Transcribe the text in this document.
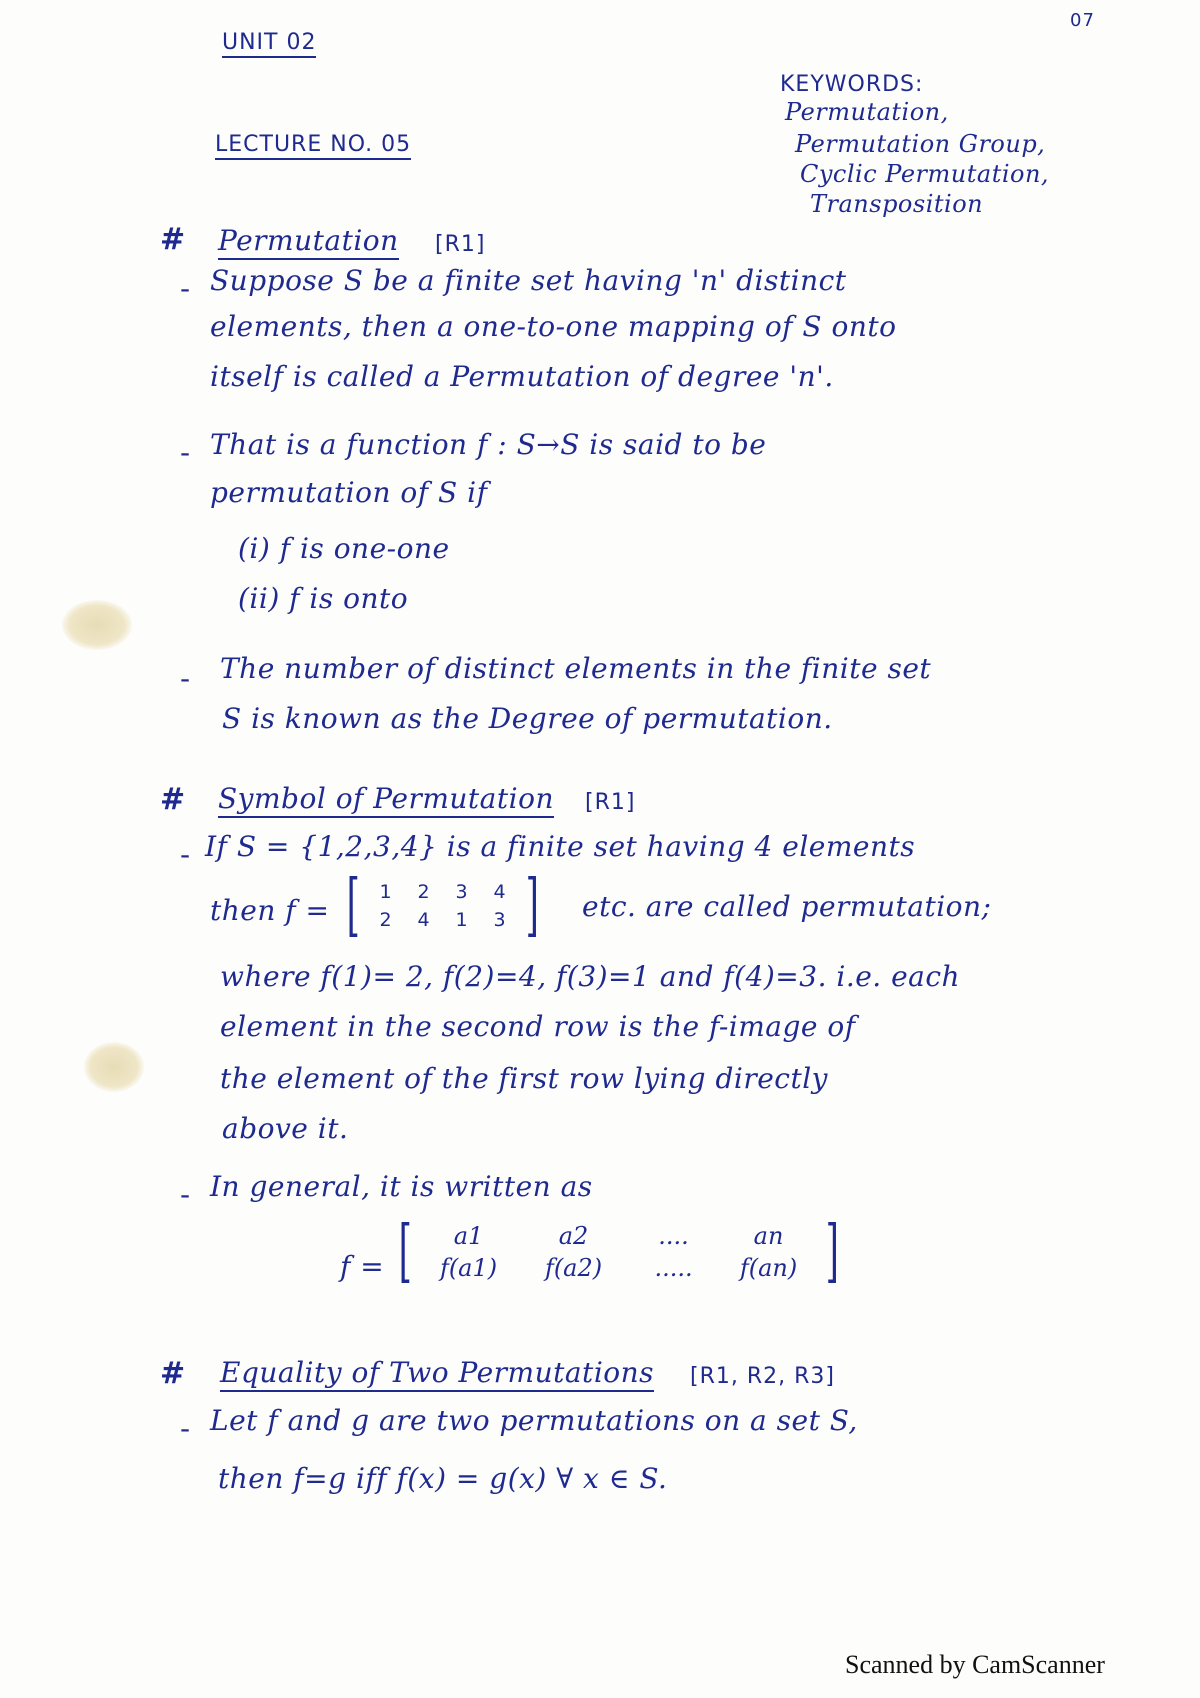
UNIT 02
07
KEYWORDS:
Permutation,
Permutation Group,
Cyclic Permutation,
Transposition
LECTURE NO. 05
# Permutation [R1]
- Suppose S be a finite set having 'n' distinct
elements, then a one-to-one mapping of S onto
itself is called a Permutation of degree 'n'.
- That is a function f : S→S is said to be
permutation of S if
(i) f is one-one
(ii) f is onto
- The number of distinct elements in the finite set
S is known as the Degree of permutation.
# Symbol of Permutation [R1]
- If S = {1,2,3,4} is a finite set having 4 elements
then f = [	1	2	3	4
2	4	1	3 ] etc. are called permutation;
where f(1)= 2, f(2)=4, f(3)=1 and f(4)=3. i.e. each
element in the second row is the f-image of
the element of the first row lying directly
above it.
- In general, it is written as
f = [	a1	a2	....	an
f(a1)	f(a2)	.....	f(an) ]
# Equality of Two Permutations [R1, R2, R3]
- Let f and g are two permutations on a set S,
then f=g iff f(x) = g(x) ∀ x ∈ S.
Scanned by CamScanner
